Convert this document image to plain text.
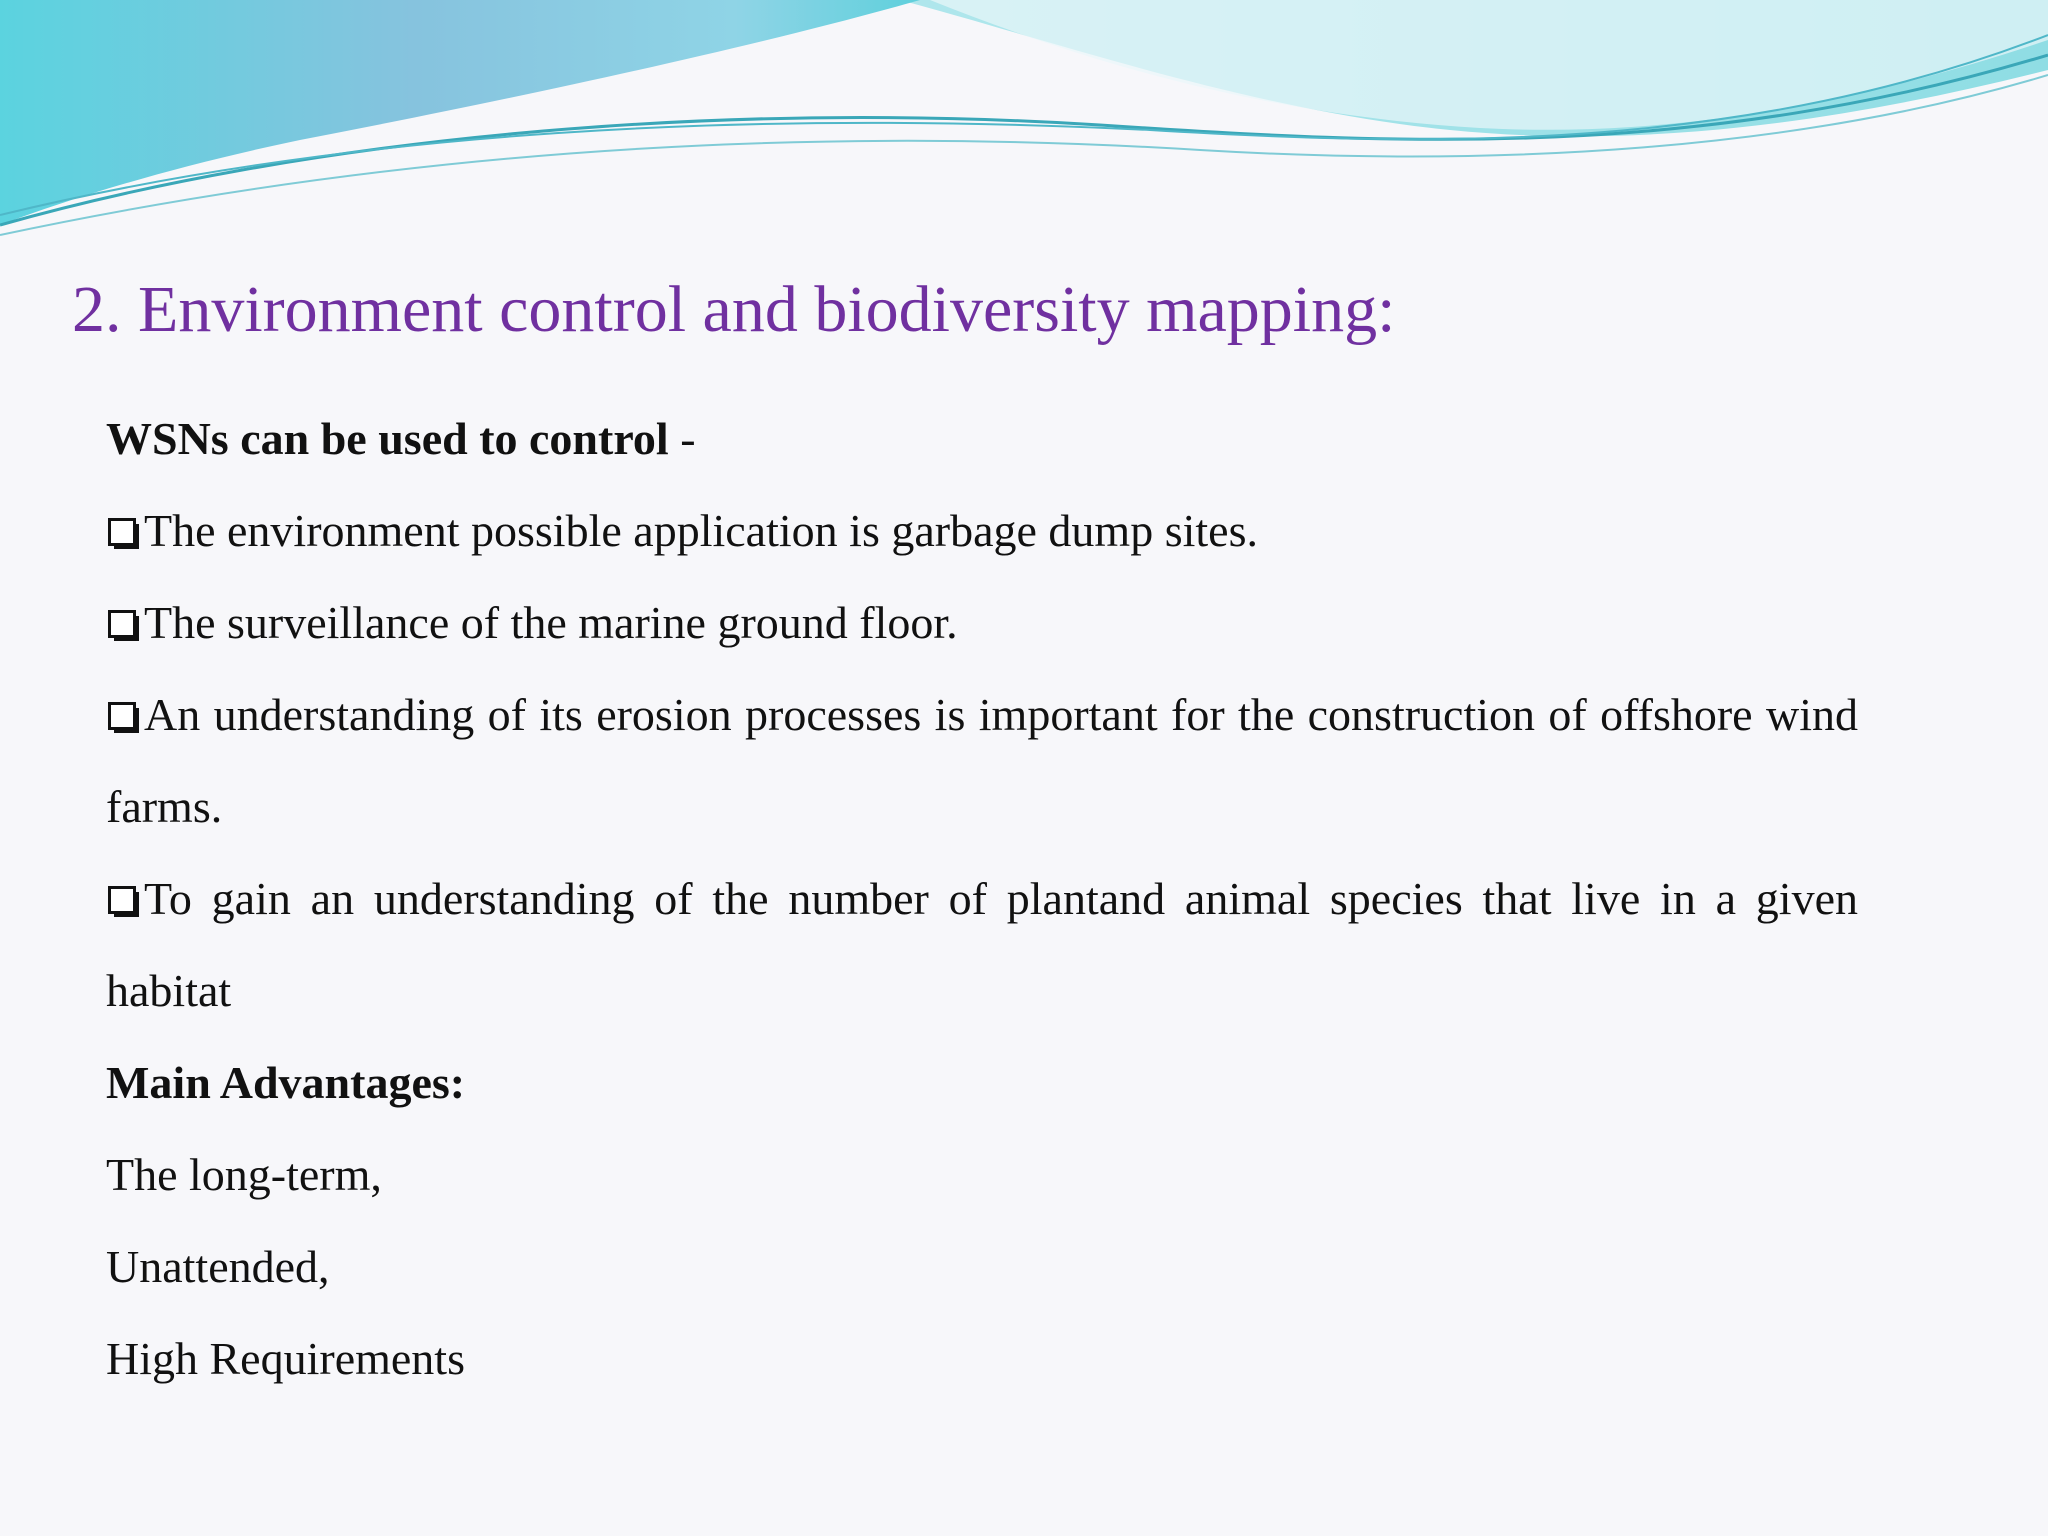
2. Environment control and biodiversity mapping:

WSNs can be used to control -

The environment possible application is garbage dump sites.

The surveillance of the marine ground floor.

An understanding of its erosion processes is important for the construction of offshore wind farms.

To gain an understanding of the number of plantand animal species that live in a given habitat

Main Advantages:

The long-term,

Unattended,

High Requirements
